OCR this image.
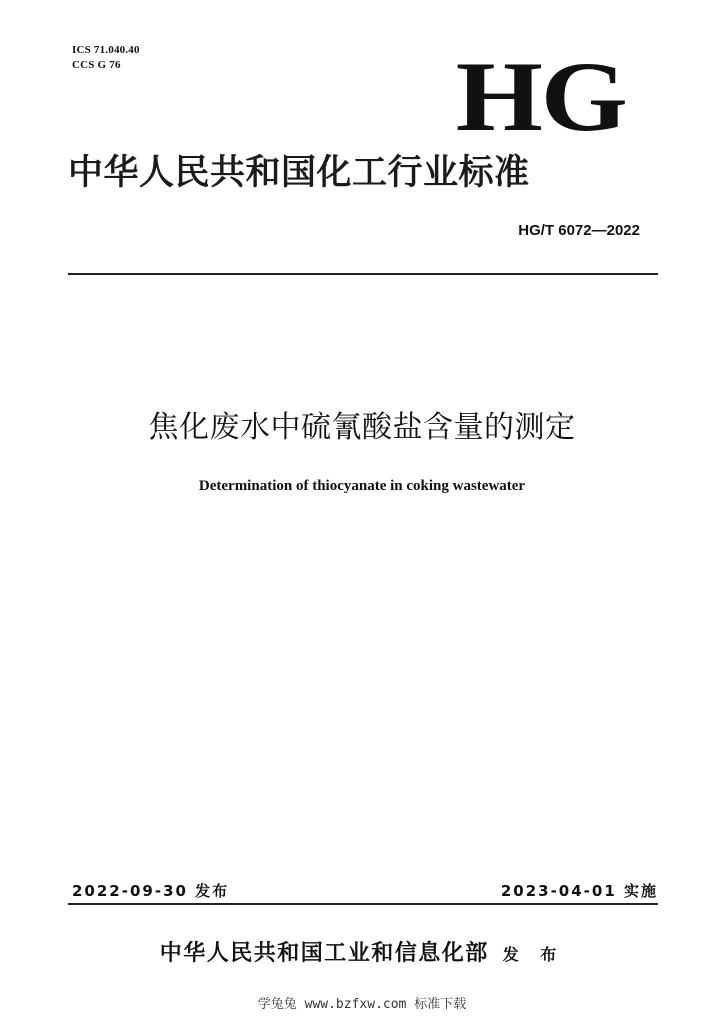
ICS 71.040.40
CCS G 76	HG
中华人民共和国化工行业标准
HG/T 6072—2022
焦化废水中硫氰酸盐含量的测定
Determination of thiocyanate in coking wastewater
2022-09-30 发布	2023-04-01 实施
中华人民共和国工业和信息化部 发 布
学兔兔 www.bzfxw.com 标准下载
